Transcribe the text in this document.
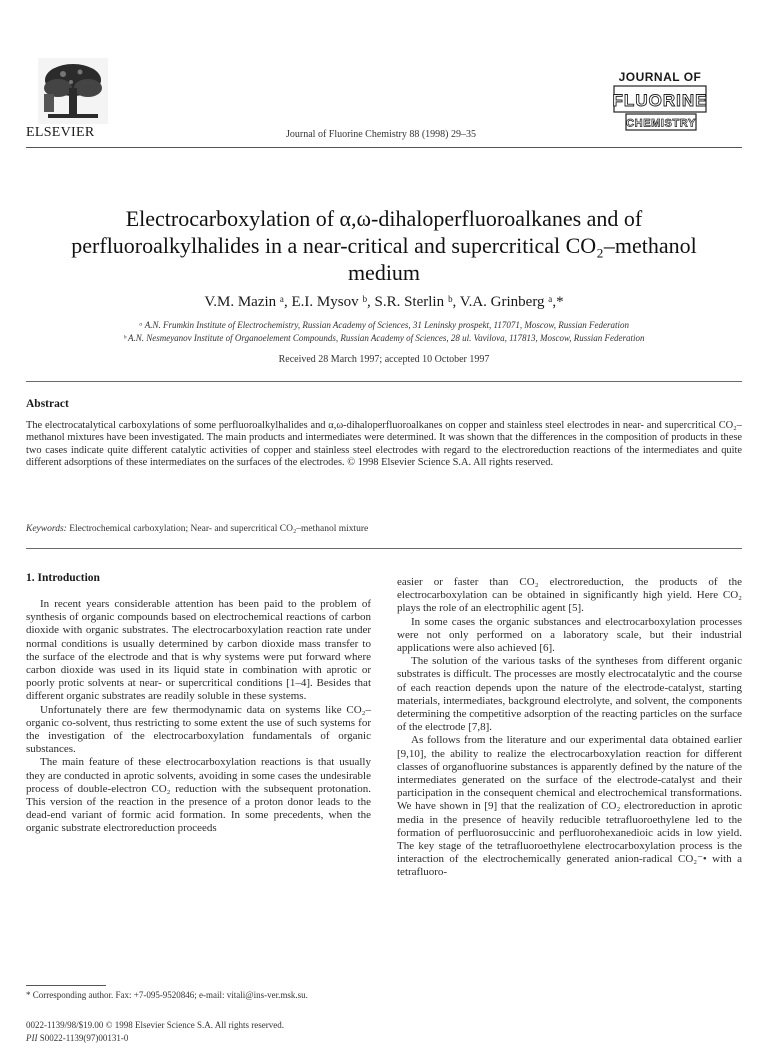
ELSEVIER	Journal of Fluorine Chemistry 88 (1998) 29–35
JOURNAL OF
FLUORINE
CHEMISTRY
Electrocarboxylation of α,ω-dihaloperfluoroalkanes and of
perfluoroalkylhalides in a near-critical and supercritical CO₂–methanol
medium
V.M. Mazin ᵃ, E.I. Mysov ᵇ, S.R. Sterlin ᵇ, V.A. Grinberg ᵃ,*
ᵃ A.N. Frumkin Institute of Electrochemistry, Russian Academy of Sciences, 31 Leninsky prospekt, 117071, Moscow, Russian Federation
ᵇ A.N. Nesmeyanov Institute of Organoelement Compounds, Russian Academy of Sciences, 28 ul. Vavilova, 117813, Moscow, Russian Federation
Received 28 March 1997; accepted 10 October 1997
Abstract
The electrocatalytical carboxylations of some perfluoroalkylhalides and α,ω-dihaloperfluoroalkanes on copper and stainless steel electrodes in near- and supercritical CO₂–methanol mixtures have been investigated. The main products and intermediates were determined. It was shown that the differences in the composition of products in these two cases indicate quite different catalytic activities of copper and stainless steel electrodes with regard to the electroreduction reactions of the intermediates and quite different adsorptions of these intermediates on the surfaces of the electrodes. © 1998 Elsevier Science S.A. All rights reserved.
Keywords: Electrochemical carboxylation; Near- and supercritical CO₂–methanol mixture
1. Introduction

In recent years considerable attention has been paid to the problem of synthesis of organic compounds based on electrochemical reactions of carbon dioxide with organic substrates. The electrocarboxylation reaction rate under normal conditions is usually determined by carbon dioxide mass transfer to the surface of the electrode and that is why systems were put forward where carbon dioxide was used in its liquid state in combination with aprotic or poorly protic solvents at near- or supercritical conditions [1–4]. Besides that different organic substrates are readily soluble in these systems.

Unfortunately there are few thermodynamic data on systems like CO₂–organic co-solvent, thus restricting to some extent the use of such systems for the investigation of the electrocarboxylation fundamentals of organic substances.

The main feature of these electrocarboxylation reactions is that usually they are conducted in aprotic solvents, avoiding in some cases the undesirable process of double-electron CO₂ reduction with the subsequent protonation. This version of the reaction in the presence of a proton donor leads to the dead-end variant of formic acid formation. In some precedents, when the organic substrate electroreduction proceeds

easier or faster than CO₂ electroreduction, the products of the electrocarboxylation can be obtained in significantly high yield. Here CO₂ plays the role of an electrophilic agent [5].

In some cases the organic substances and electrocarboxylation processes were not only performed on a laboratory scale, but their industrial applications were also achieved [6].

The solution of the various tasks of the syntheses from different organic substrates is difficult. The processes are mostly electrocatalytic and the course of each reaction depends upon the nature of the electrode-catalyst, starting materials, intermediates, background electrolyte, and solvent, the components determining the competitive adsorption of the reacting particles on the surface of the electrode [7,8].

As follows from the literature and our experimental data obtained earlier [9,10], the ability to realize the electrocarboxylation reaction for different classes of organofluorine substances is apparently defined by the nature of the intermediates generated on the surface of the electrode-catalyst and their participation in the consequent chemical and electrochemical transformations. We have shown in [9] that the realization of CO₂ electroreduction in aprotic media in the presence of heavily reducible tetrafluoroethylene led to the formation of perfluorosuccinic and perfluorohexanedioic acids in low yield. The key stage of the tetrafluoroethylene electrocarboxylation process is the interaction of the electrochemically generated anion-radical CO₂⁻• with a tetrafluoro-

* Corresponding author. Fax: +7-095-9520846; e-mail: vitali@ins-ver.msk.su.
0022-1139/98/$19.00 © 1998 Elsevier Science S.A. All rights reserved.
PII S0022-1139(97)00131-0
